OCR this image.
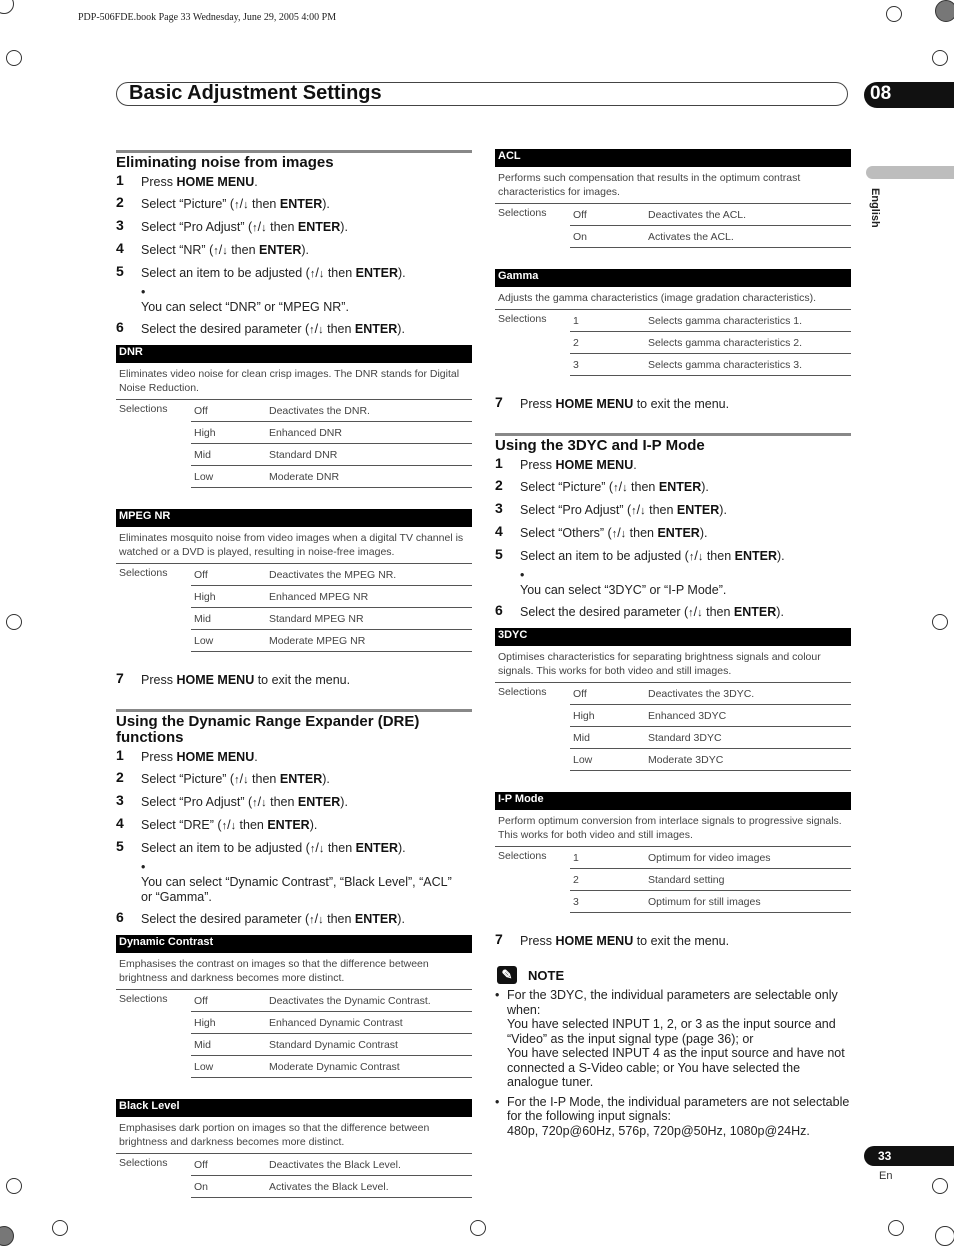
PDP-506FDE.book Page 33 Wednesday, June 29, 2005 4:00 PM
Basic Adjustment Settings	08
English
Eliminating noise from images
1 Press HOME MENU.
2 Select “Picture” (↑/↓ then ENTER).
3 Select “Pro Adjust” (↑/↓ then ENTER).
4 Select “NR” (↑/↓ then ENTER).
5 Select an item to be adjusted (↑/↓ then ENTER).
•You can select “DNR” or “MPEG NR”.
6 Select the desired parameter (↑/↓ then ENTER).
DNR
Eliminates video noise for clean crisp images. The DNR stands for Digital Noise Reduction.
Selections	Off	Deactivates the DNR.
	High	Enhanced DNR
	Mid	Standard DNR
	Low	Moderate DNR
MPEG NR
Eliminates mosquito noise from video images when a digital TV channel is watched or a DVD is played, resulting in noise-free images.
Selections	Off	Deactivates the MPEG NR.
	High	Enhanced MPEG NR
	Mid	Standard MPEG NR
	Low	Moderate MPEG NR
7 Press HOME MENU to exit the menu.
Using the Dynamic Range Expander (DRE) functions
1 Press HOME MENU.
2 Select “Picture” (↑/↓ then ENTER).
3 Select “Pro Adjust” (↑/↓ then ENTER).
4 Select “DRE” (↑/↓ then ENTER).
5 Select an item to be adjusted (↑/↓ then ENTER).
•You can select “Dynamic Contrast”, “Black Level”, “ACL” or “Gamma”.
6 Select the desired parameter (↑/↓ then ENTER).
Dynamic Contrast
Emphasises the contrast on images so that the difference between brightness and darkness becomes more distinct.
Selections	Off	Deactivates the Dynamic Contrast.
	High	Enhanced Dynamic Contrast
	Mid	Standard Dynamic Contrast
	Low	Moderate Dynamic Contrast
Black Level
Emphasises dark portion on images so that the difference between brightness and darkness becomes more distinct.
Selections	Off	Deactivates the Black Level.
	On	Activates the Black Level.
ACL
Performs such compensation that results in the optimum contrast characteristics for images.
Selections	Off	Deactivates the ACL.
	On	Activates the ACL.
Gamma
Adjusts the gamma characteristics (image gradation characteristics).
Selections	1	Selects gamma characteristics 1.
	2	Selects gamma characteristics 2.
	3	Selects gamma characteristics 3.
7 Press HOME MENU to exit the menu.
Using the 3DYC and I-P Mode
1 Press HOME MENU.
2 Select “Picture” (↑/↓ then ENTER).
3 Select “Pro Adjust” (↑/↓ then ENTER).
4 Select “Others” (↑/↓ then ENTER).
5 Select an item to be adjusted (↑/↓ then ENTER).
•You can select “3DYC” or “I-P Mode”.
6 Select the desired parameter (↑/↓ then ENTER).
3DYC
Optimises characteristics for separating brightness signals and colour signals. This works for both video and still images.
Selections	Off	Deactivates the 3DYC.
	High	Enhanced 3DYC
	Mid	Standard 3DYC
	Low	Moderate 3DYC
I-P Mode
Perform optimum conversion from interlace signals to progressive signals. This works for both video and still images.
Selections	1	Optimum for video images
	2	Standard setting
	3	Optimum for still images
7 Press HOME MENU to exit the menu.
✎	NOTE
• For the 3DYC, the individual parameters are selectable only when:
You have selected INPUT 1, 2, or 3 as the input source and “Video” as the input signal type (page 36); or
You have selected INPUT 4 as the input source and have not connected a S-Video cable; or You have selected the analogue tuner.
• For the I-P Mode, the individual parameters are not selectable for the following input signals:
480p, 720p@60Hz, 576p, 720p@50Hz, 1080p@24Hz.
33
En
